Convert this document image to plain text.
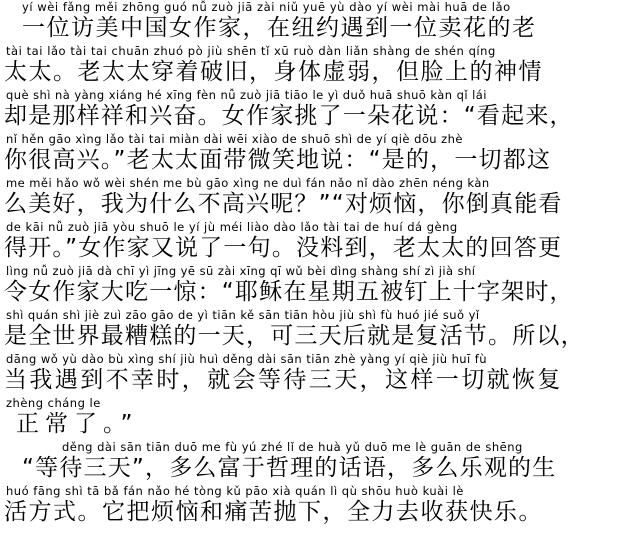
yí wèi fǎng měi zhōng guó nǚ zuò jiā zài niǔ yuē yù dào yí wèi mài huā de lǎo
一位访美中国女作家，在纽约遇到一位卖花的老
tài tai lǎo tài tai chuān zhuó pò jiù shēn tǐ xū ruò dàn liǎn shàng de shén qíng
太太。老太太穿着破旧，身体虚弱，但脸上的神情
què shì nà yàng xiáng hé xīng fèn nǚ zuò jiā tiāo le yì duǒ huā shuō kàn qǐ lái
却是那样祥和兴奋。女作家挑了一朵花说：“看起来，
nǐ hěn gāo xìng lǎo tài tai miàn dài wēi xiào de shuō shì de yí qiè dōu zhè
你很高兴。”老太太面带微笑地说：“是的，一切都这
me měi hǎo wǒ wèi shén me bù gāo xìng ne duì fán nǎo nǐ dào zhēn néng kàn
么美好，我为什么不高兴呢？”“对烦恼，你倒真能看
de kāi nǚ zuò jiā yòu shuō le yí jù méi liào dào lǎo tài tai de huí dá gèng
得开。”女作家又说了一句。没料到，老太太的回答更
lìng nǚ zuò jiā dà chī yì jīng yē sū zài xīng qī wǔ bèi dìng shàng shí zì jià shí
令女作家大吃一惊：“耶稣在星期五被钉上十字架时，
shì quán shì jiè zuì zāo gāo de yì tiān kě sān tiān hòu jiù shì fù huó jié suǒ yǐ
是全世界最糟糕的一天，可三天后就是复活节。所以，
dāng wǒ yù dào bù xìng shí jiù huì děng dài sān tiān zhè yàng yí qiè jiù huī fù
当我遇到不幸时，就会等待三天，这样一切就恢复
zhèng cháng le
正常了。”
děng dài sān tiān duō me fù yú zhé lǐ de huà yǔ duō me lè guān de shēng
“等待三天”，多么富于哲理的话语，多么乐观的生
huó fāng shì tā bǎ fán nǎo hé tòng kǔ pāo xià quán lì qù shōu huò kuài lè
活方式。它把烦恼和痛苦抛下，全力去收获快乐。
